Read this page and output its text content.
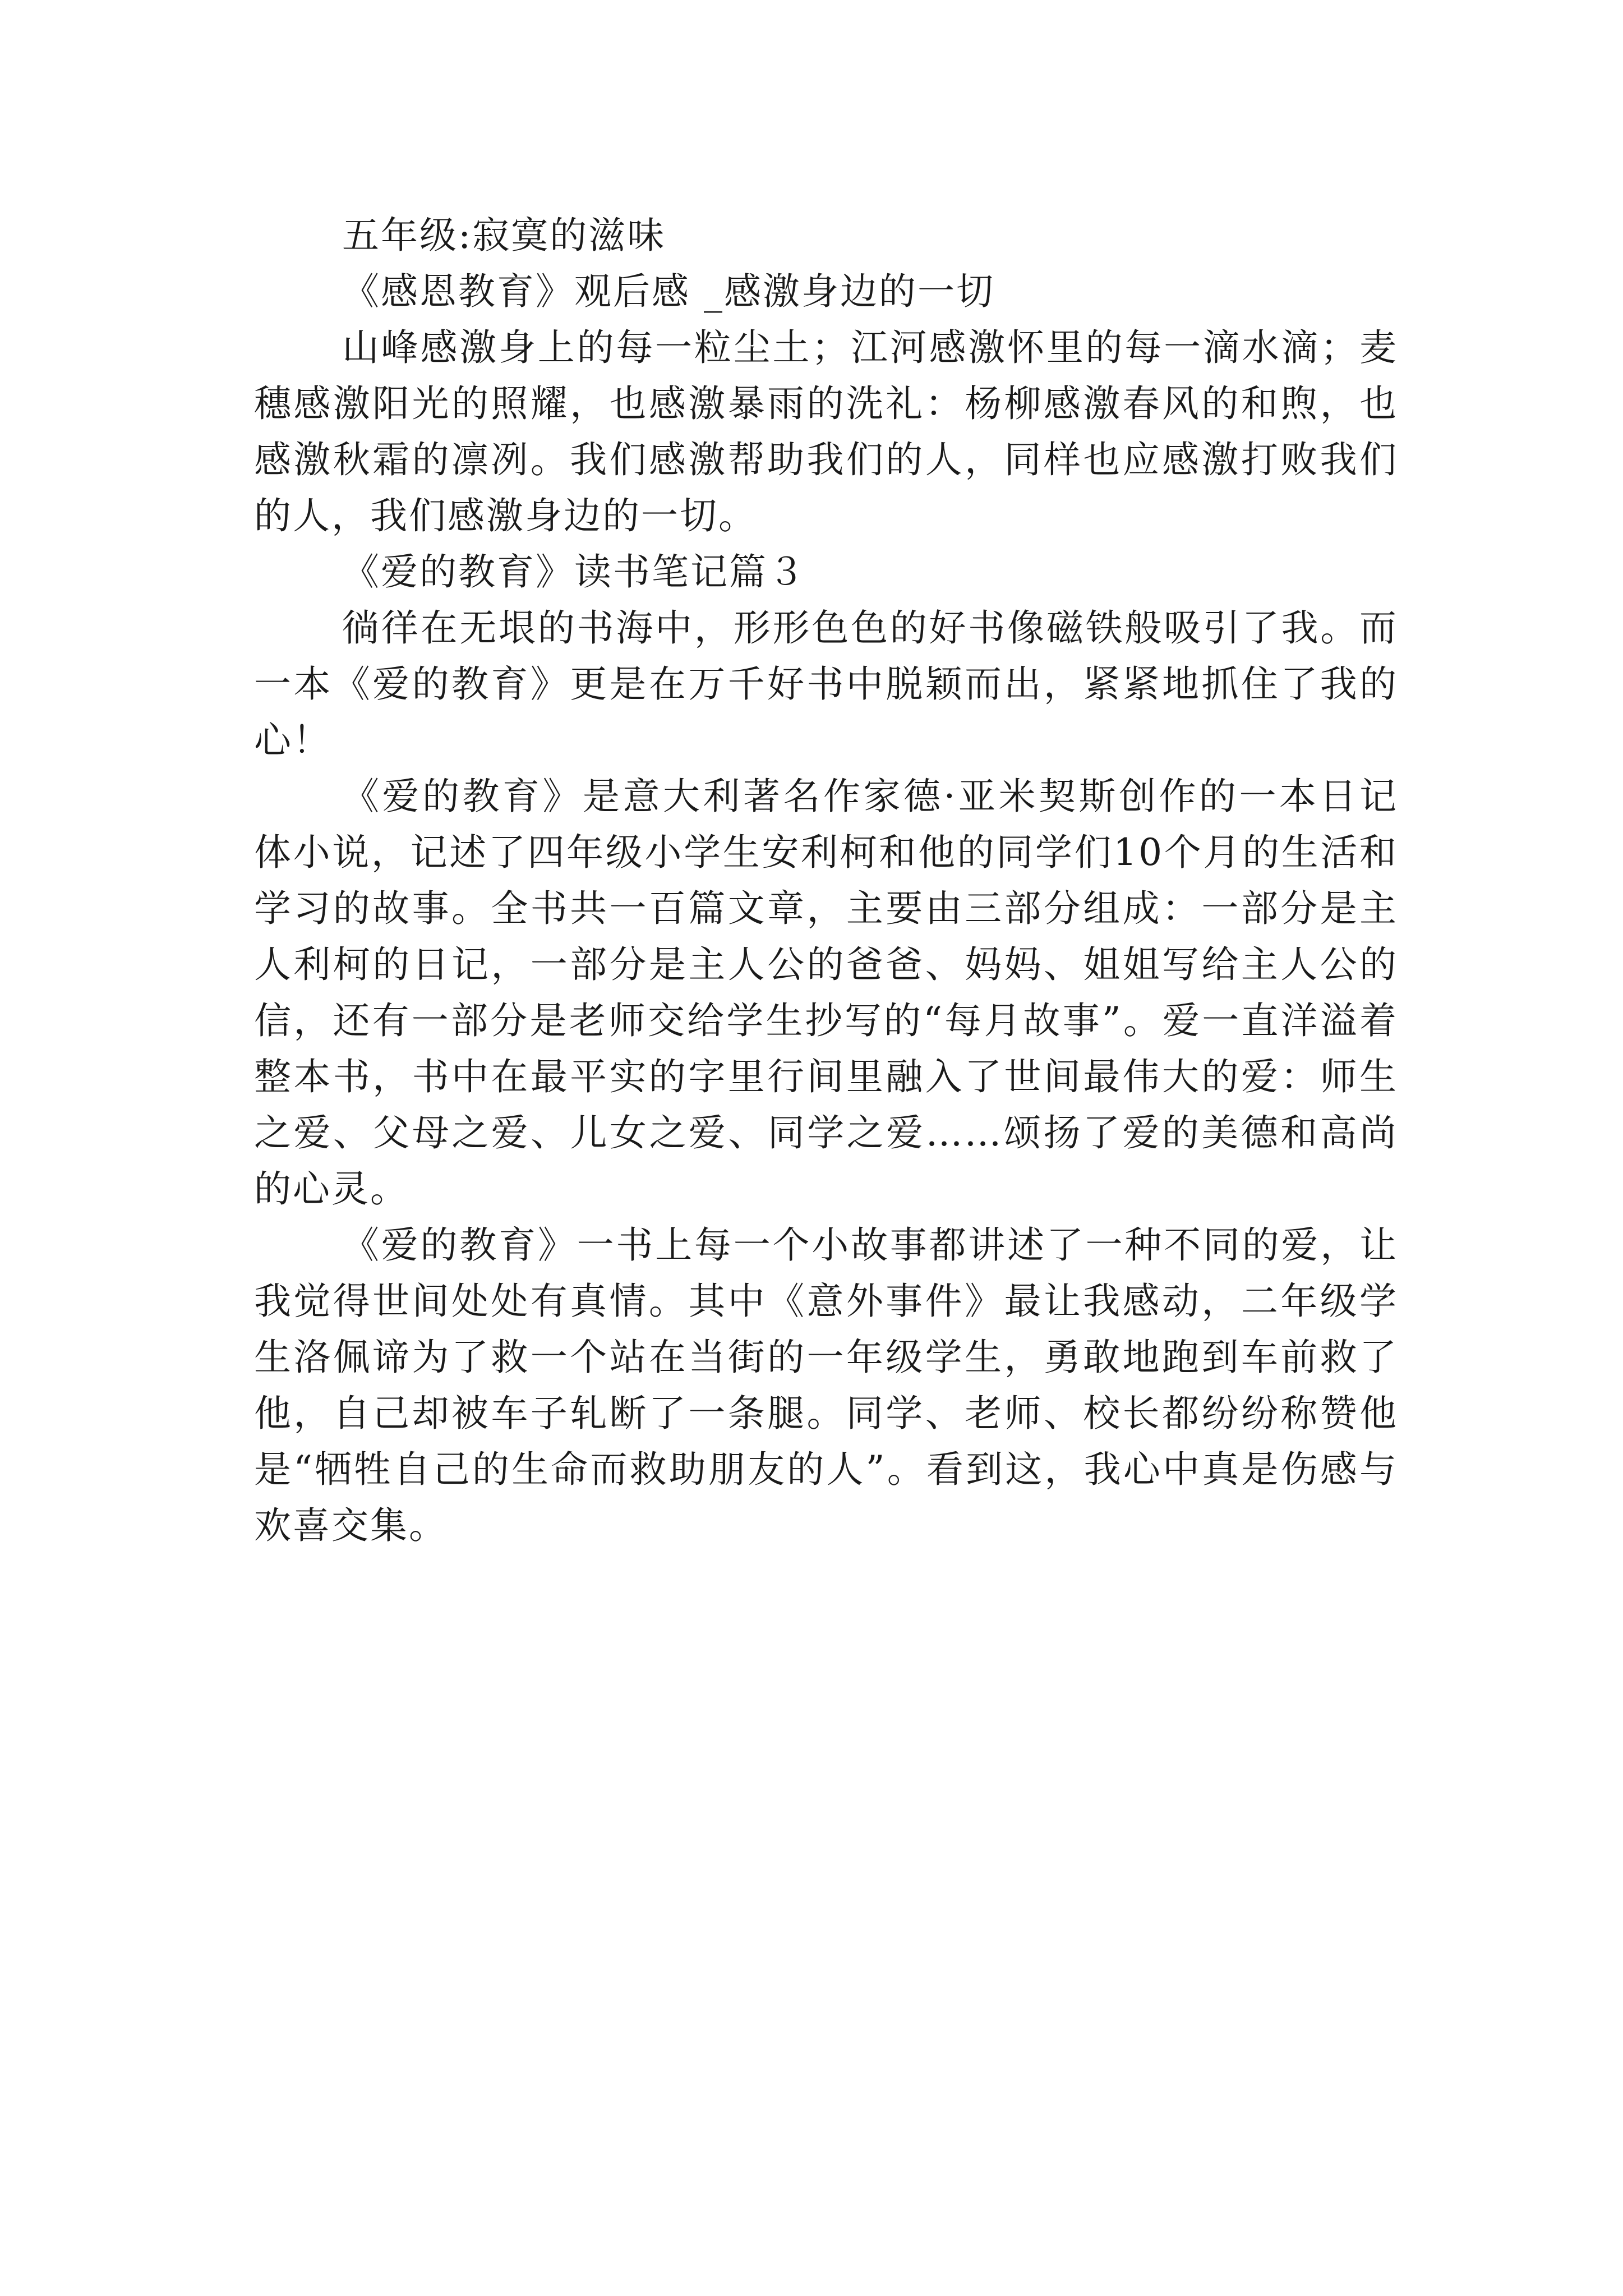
五年级:寂寞的滋味

《感恩教育》观后感 _感激身边的一切

山峰感激身上的每一粒尘土；江河感激怀里的每一滴水滴；麦穗感激阳光的照耀，也感激暴雨的洗礼：杨柳感激春风的和煦，也感激秋霜的凛冽。我们感激帮助我们的人，同样也应感激打败我们的人，我们感激身边的一切。

《爱的教育》读书笔记篇３

徜徉在无垠的书海中，形形色色的好书像磁铁般吸引了我。而一本《爱的教育》更是在万千好书中脱颖而出，紧紧地抓住了我的心！

《爱的教育》是意大利著名作家德·亚米契斯创作的一本日记体小说，记述了四年级小学生安利柯和他的同学们10个月的生活和学习的故事。全书共一百篇文章，主要由三部分组成：一部分是主人利柯的日记，一部分是主人公的爸爸、妈妈、姐姐写给主人公的信，还有一部分是老师交给学生抄写的“每月故事”。爱一直洋溢着整本书，书中在最平实的字里行间里融入了世间最伟大的爱：师生之爱、父母之爱、儿女之爱、同学之爱……颂扬了爱的美德和高尚的心灵。

《爱的教育》一书上每一个小故事都讲述了一种不同的爱，让我觉得世间处处有真情。其中《意外事件》最让我感动，二年级学生洛佩谛为了救一个站在当街的一年级学生，勇敢地跑到车前救了他，自己却被车子轧断了一条腿。同学、老师、校长都纷纷称赞他是“牺牲自己的生命而救助朋友的人”。看到这，我心中真是伤感与欢喜交集。
